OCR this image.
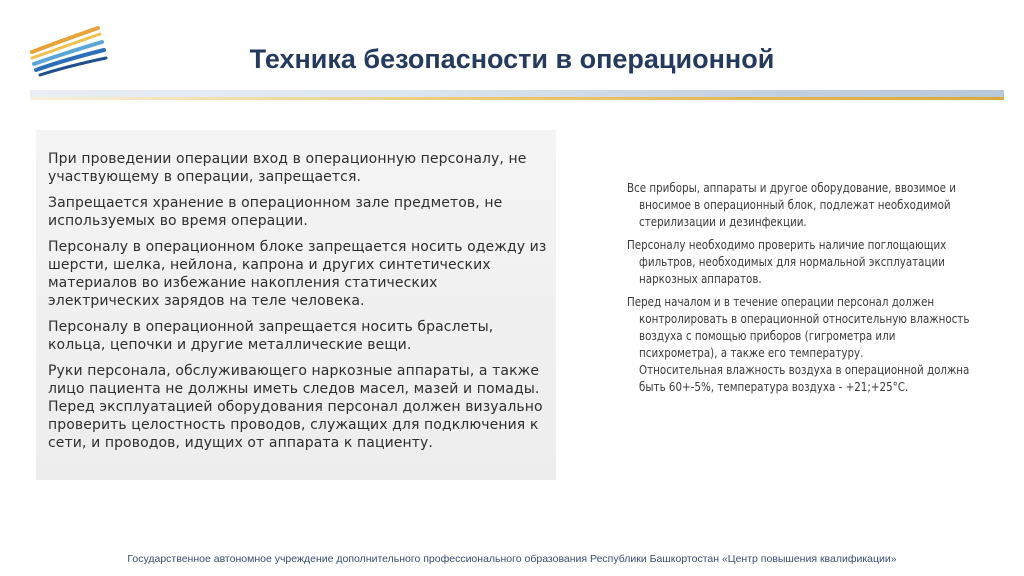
Техника безопасности в операционной

При проведении операции вход в операционную персоналу, не участвующему в операции, запрещается.

Запрещается хранение в операционном зале предметов, не используемых во время операции.

Персоналу в операционном блоке запрещается носить одежду из шерсти, шелка, нейлона, капрона и других синтетических материалов во избежание накопления статических электрических зарядов на теле человека.

Персоналу в операционной запрещается носить браслеты, кольца, цепочки и другие металлические вещи.

Руки персонала, обслуживающего наркозные аппараты, а также лицо пациента не должны иметь следов масел, мазей и помады. Перед эксплуатацией оборудования персонал должен визуально проверить целостность проводов, служащих для подключения к сети, и проводов, идущих от аппарата к пациенту.

Все приборы, аппараты и другое оборудование, ввозимое и
вносимое в операционный блок, подлежат необходимой стерилизации и дезинфекции.

Персоналу необходимо проверить наличие поглощающих
фильтров, необходимых для нормальной эксплуатации наркозных аппаратов.

Перед началом и в течение операции персонал должен
контролировать в операционной относительную влажность воздуха с помощью приборов (гигрометра или психрометра), а также его температуру.
Относительная влажность воздуха в операционной должна быть 60+-5%, температура воздуха - +21;+25°С.

Государственное автономное учреждение дополнительного профессионального образования Республики Башкортостан «Центр повышения квалификации»
